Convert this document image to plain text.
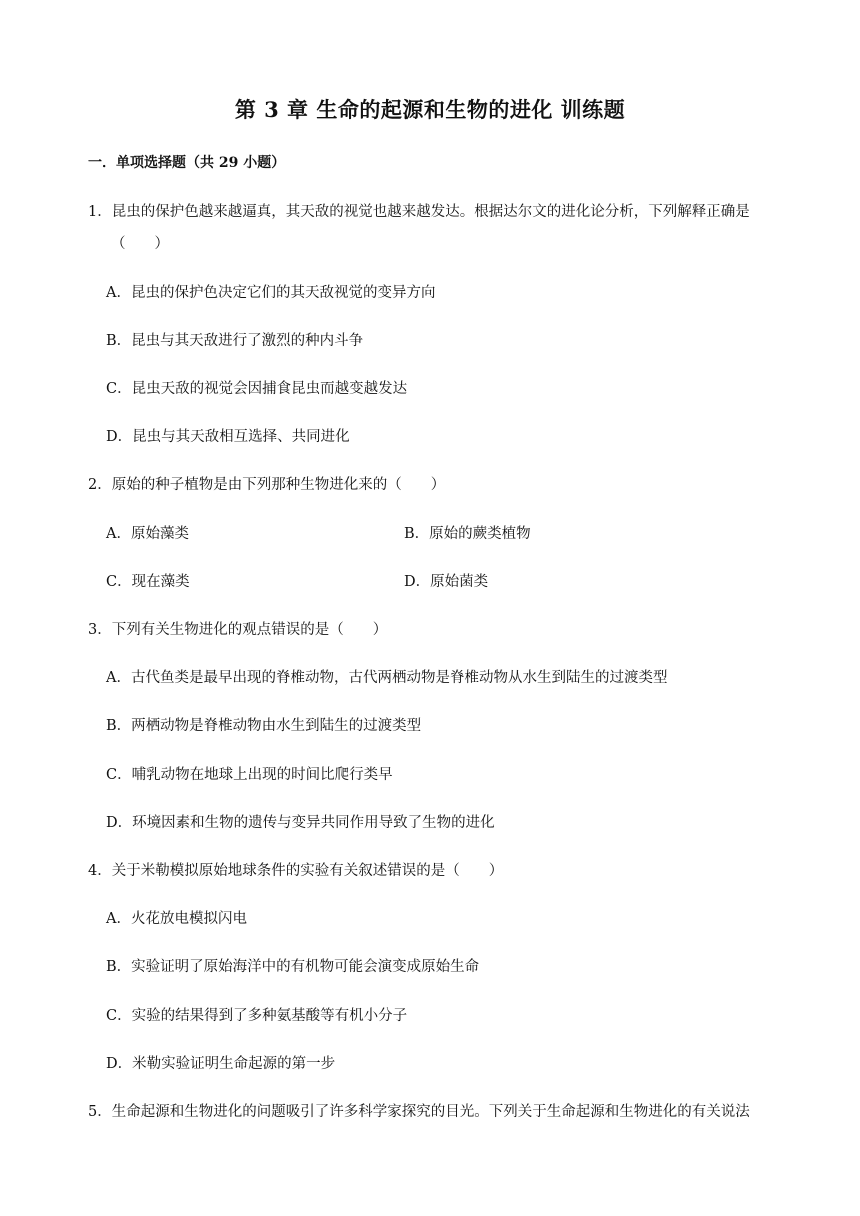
第 3 章 生命的起源和生物的进化 训练题
一．单项选择题（共 29 小题）
1．昆虫的保护色越来越逼真，其天敌的视觉也越来越发达。根据达尔文的进化论分析，下列解释正确是
（　　）
A．昆虫的保护色决定它们的其天敌视觉的变异方向
B．昆虫与其天敌进行了激烈的种内斗争
C．昆虫天敌的视觉会因捕食昆虫而越变越发达
D．昆虫与其天敌相互选择、共同进化
2．原始的种子植物是由下列那种生物进化来的（　　）
A．原始藻类	B．原始的蕨类植物
C．现在藻类	D．原始菌类
3．下列有关生物进化的观点错误的是（　　）
A．古代鱼类是最早出现的脊椎动物，古代两栖动物是脊椎动物从水生到陆生的过渡类型
B．两栖动物是脊椎动物由水生到陆生的过渡类型
C．哺乳动物在地球上出现的时间比爬行类早
D．环境因素和生物的遗传与变异共同作用导致了生物的进化
4．关于米勒模拟原始地球条件的实验有关叙述错误的是（　　）
A．火花放电模拟闪电
B．实验证明了原始海洋中的有机物可能会演变成原始生命
C．实验的结果得到了多种氨基酸等有机小分子
D．米勒实验证明生命起源的第一步
5．生命起源和生物进化的问题吸引了许多科学家探究的目光。下列关于生命起源和生物进化的有关说法
